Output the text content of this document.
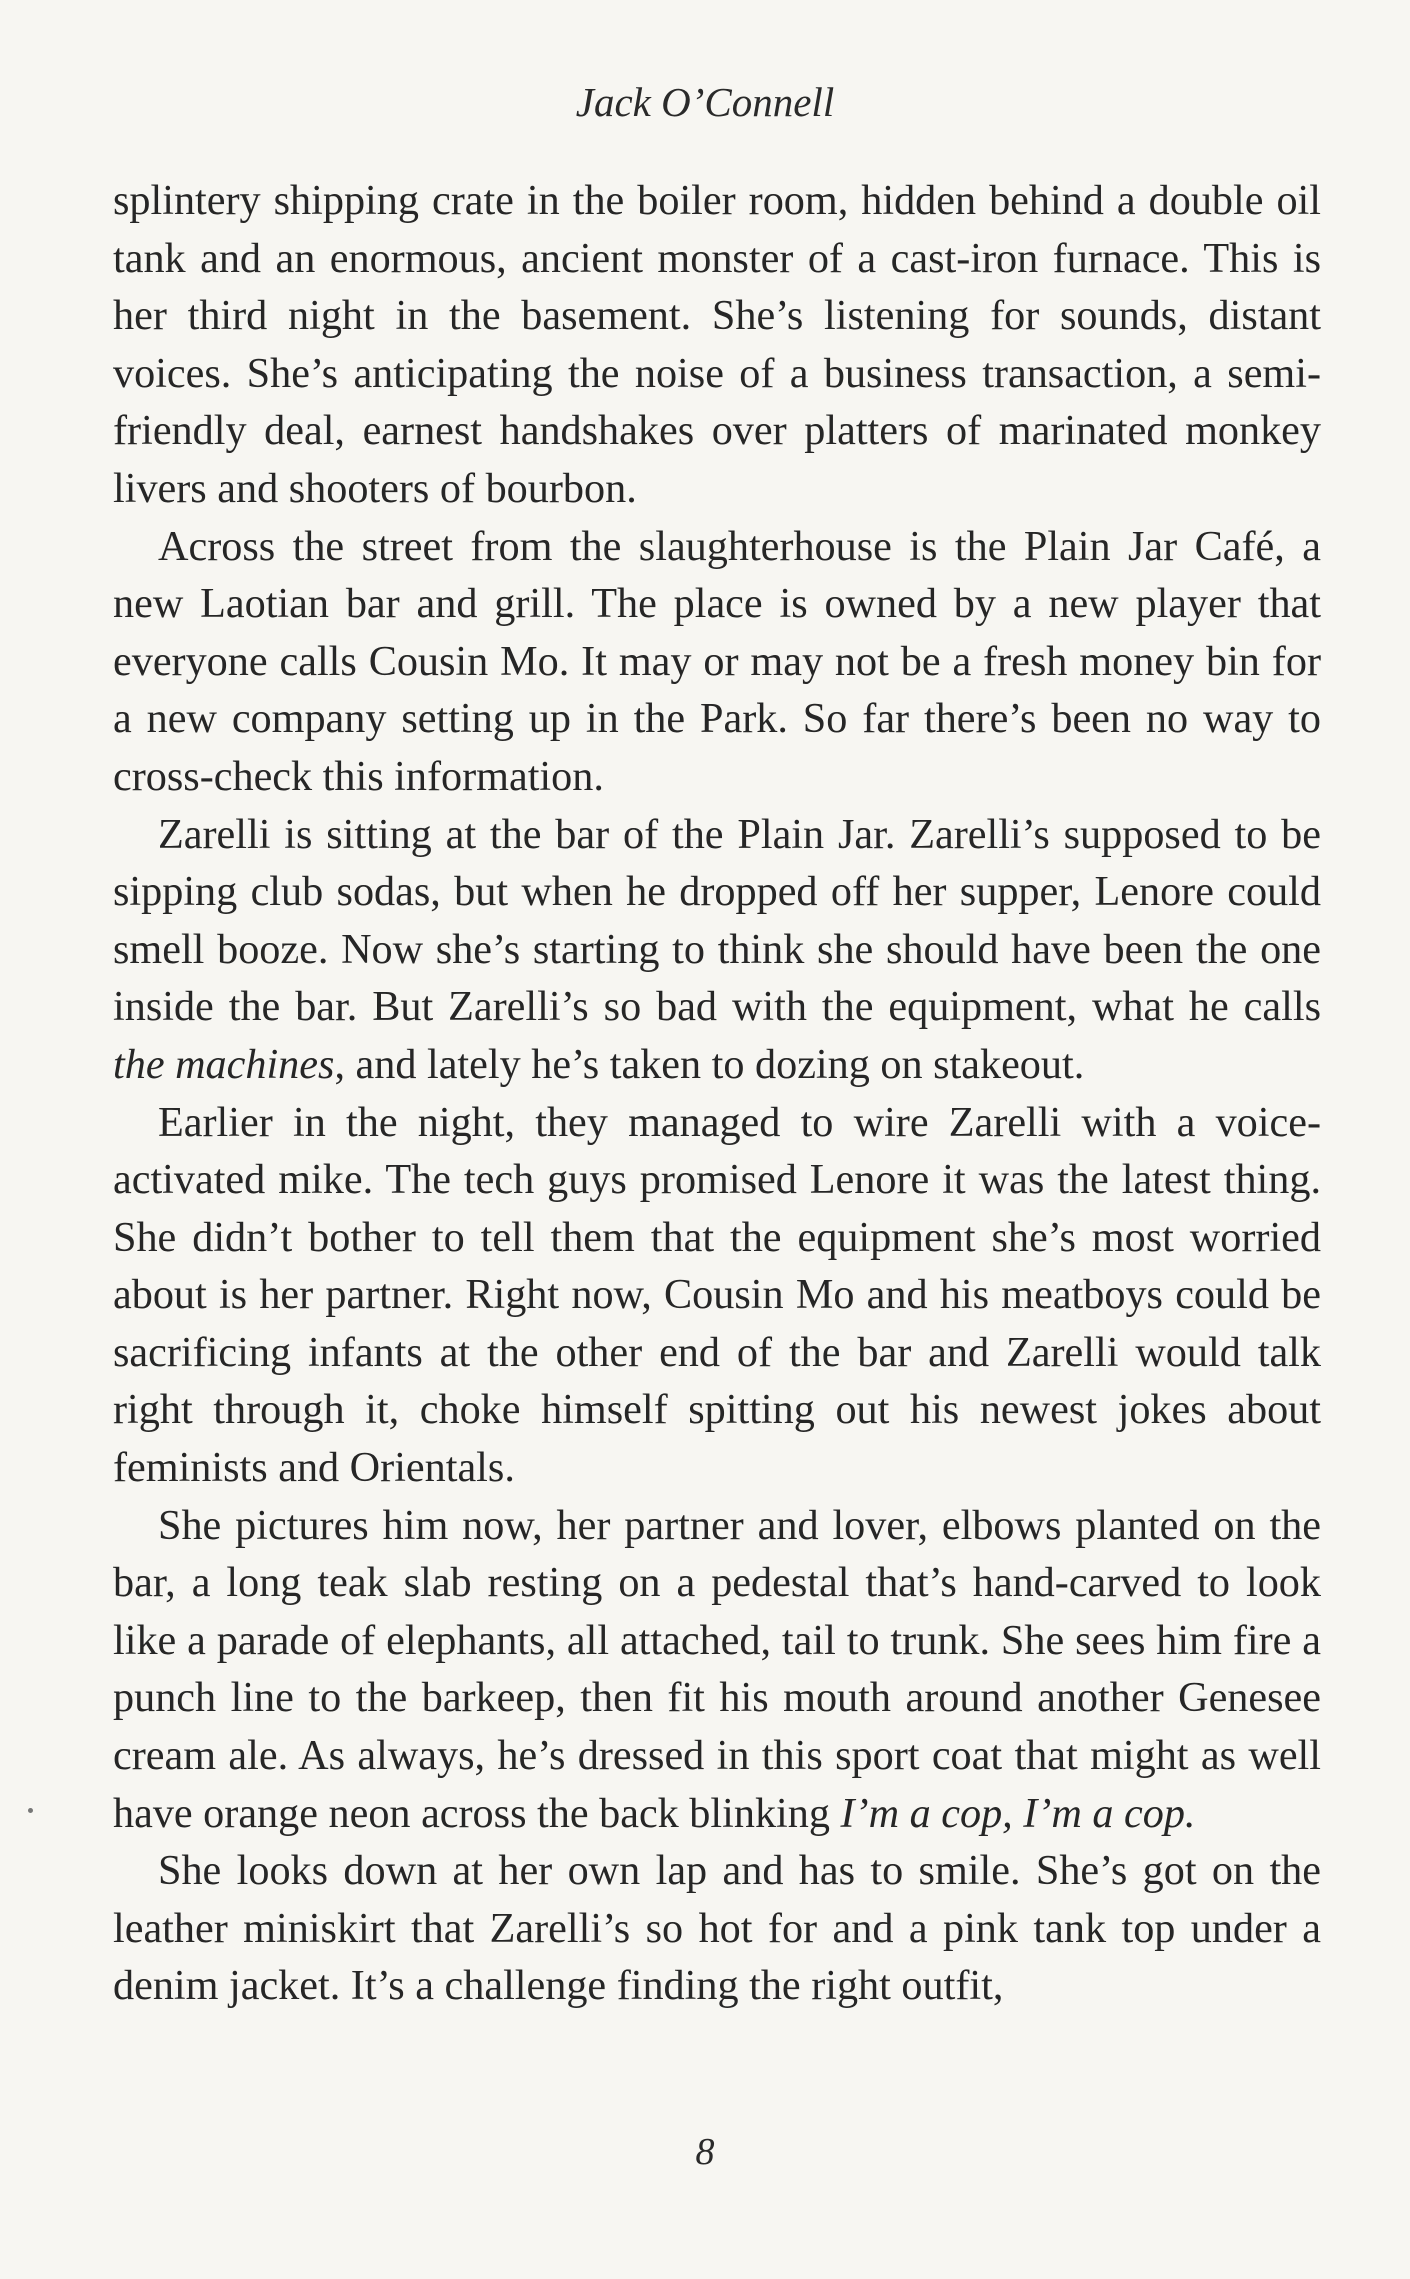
Jack O’Connell

splintery shipping crate in the boiler room, hidden behind a double oil tank and an enormous, ancient monster of a cast-iron furnace. This is her third night in the basement. She’s listening for sounds, distant voices. She’s anticipating the noise of a business transaction, a semi-friendly deal, earnest handshakes over platters of marinated monkey livers and shooters of bourbon.

Across the street from the slaughterhouse is the Plain Jar Café, a new Laotian bar and grill. The place is owned by a new player that everyone calls Cousin Mo. It may or may not be a fresh money bin for a new company setting up in the Park. So far there’s been no way to cross-check this information.

Zarelli is sitting at the bar of the Plain Jar. Zarelli’s supposed to be sipping club sodas, but when he dropped off her supper, Lenore could smell booze. Now she’s starting to think she should have been the one inside the bar. But Zarelli’s so bad with the equipment, what he calls the machines, and lately he’s taken to dozing on stakeout.

Earlier in the night, they managed to wire Zarelli with a voice-activated mike. The tech guys promised Lenore it was the latest thing. She didn’t bother to tell them that the equipment she’s most worried about is her partner. Right now, Cousin Mo and his meatboys could be sacrificing infants at the other end of the bar and Zarelli would talk right through it, choke himself spitting out his newest jokes about feminists and Orientals.

She pictures him now, her partner and lover, elbows planted on the bar, a long teak slab resting on a pedestal that’s hand-carved to look like a parade of elephants, all attached, tail to trunk. She sees him fire a punch line to the barkeep, then fit his mouth around another Genesee cream ale. As always, he’s dressed in this sport coat that might as well have orange neon across the back blinking I’m a cop, I’m a cop.

She looks down at her own lap and has to smile. She’s got on the leather miniskirt that Zarelli’s so hot for and a pink tank top under a denim jacket. It’s a challenge finding the right outfit,

8
